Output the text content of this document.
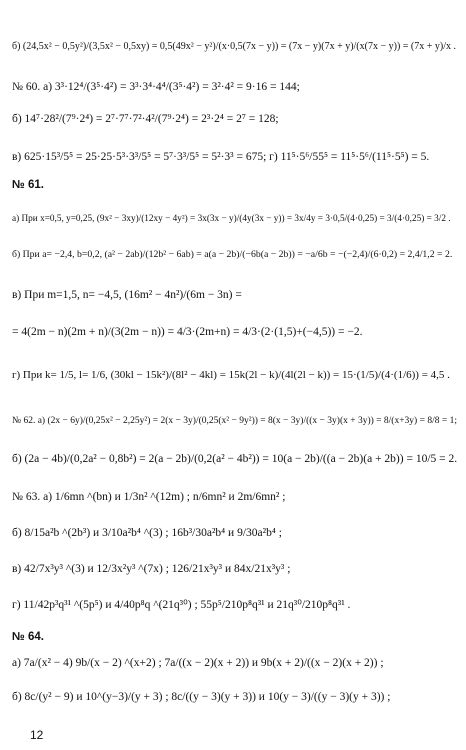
б) (24,5x² − 0,5y²)/(3,5x² − 0,5xy) = 0,5(49x² − y²)/(x·0,5(7x − y)) = (7x − y)(7x + y)/(x(7x − y)) = (7x + y)/x .
№ 60. а) 3³·12⁴/(3⁵·4²) = 3³·3⁴·4⁴/(3⁵·4²) = 3²·4² = 9·16 = 144;
б) 14⁷·28²/(7⁹·2⁴) = 2⁷·7⁷·7²·4²/(7⁹·2⁴) = 2³·2⁴ = 2⁷ = 128;
в) 625·15³/5⁵ = 25·25·5³·3³/5⁵ = 5⁷·3³/5⁵ = 5²·3³ = 675; г) 11⁵·5⁶/55⁵ = 11⁵·5⁶/(11⁵·5⁵) = 5.
№ 61.
а) При x=0,5, y=0,25, (9x² − 3xy)/(12xy − 4y²) = 3x(3x − y)/(4y(3x − y)) = 3x/4y = 3·0,5/(4·0,25) = 3/(4·0,25) = 3/2 .
б) При a= −2,4, b=0,2, (a² − 2ab)/(12b² − 6ab) = a(a − 2b)/(−6b(a − 2b)) = −a/6b = −(−2,4)/(6·0,2) = 2,4/1,2 = 2.
в) При m=1,5, n= −4,5, (16m² − 4n²)/(6m − 3n) =
= 4(2m − n)(2m + n)/(3(2m − n)) = 4/3·(2m+n) = 4/3·(2·(1,5)+(−4,5)) = −2.
г) При k= 1/5, l= 1/6, (30kl − 15k²)/(8l² − 4kl) = 15k(2l − k)/(4l(2l − k)) = 15·(1/5)/(4·(1/6)) = 4,5 .
№ 62. а) (2x − 6y)/(0,25x² − 2,25y²) = 2(x − 3y)/(0,25(x² − 9y²)) = 8(x − 3y)/((x − 3y)(x + 3y)) = 8/(x+3y) = 8/8 = 1;
б) (2a − 4b)/(0,2a² − 0,8b²) = 2(a − 2b)/(0,2(a² − 4b²)) = 10(a − 2b)/((a − 2b)(a + 2b)) = 10/5 = 2.
№ 63. а) 1/6mn ^(bn) и 1/3n² ^(12m) ; n/6mn² и 2m/6mn² ;
б) 8/15a²b ^(2b³) и 3/10a²b⁴ ^(3) ; 16b³/30a²b⁴ и 9/30a²b⁴ ;
в) 42/7x³y³ ^(3) и 12/3x²y³ ^(7x) ; 126/21x³y³ и 84x/21x³y³ ;
г) 11/42p³q³¹ ^(5p⁵) и 4/40p⁸q ^(21q³⁰) ; 55p⁵/210p⁸q³¹ и 21q³⁰/210p⁸q³¹ .
№ 64.
а) 7a/(x² − 4) 9b/(x − 2) ^(x+2) ; 7a/((x − 2)(x + 2)) и 9b(x + 2)/((x − 2)(x + 2)) ;
б) 8c/(y² − 9) и 10^(y−3)/(y + 3) ; 8c/((y − 3)(y + 3)) и 10(y − 3)/((y − 3)(y + 3)) ;
12
